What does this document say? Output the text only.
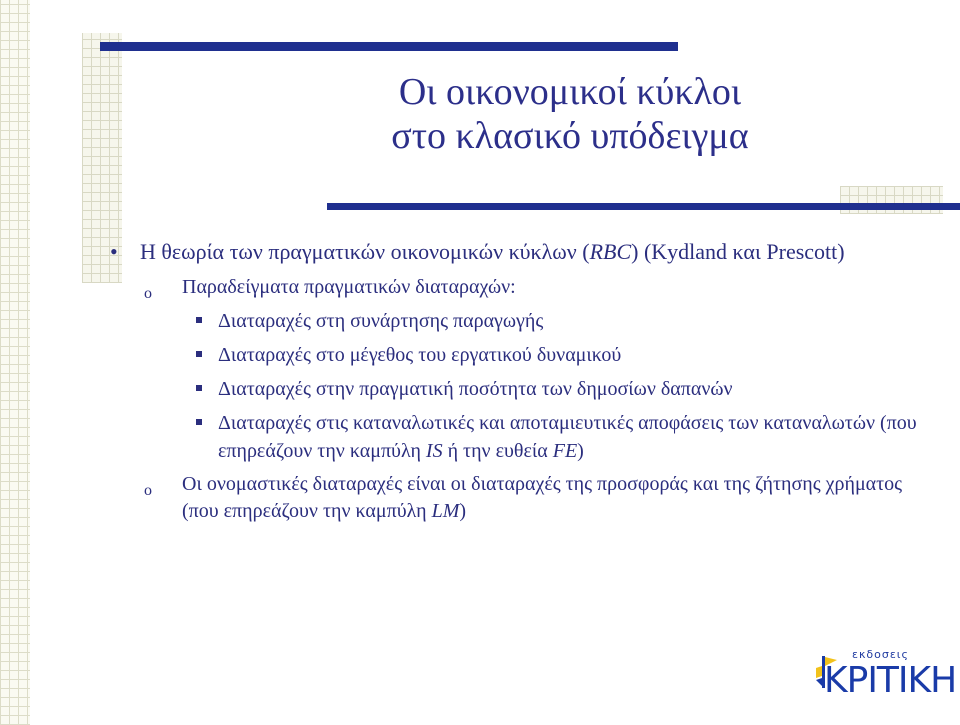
Οι οικονομικοί κύκλοι
στο κλασικό υπόδειγμα
• Η θεωρία των πραγματικών οικονομικών κύκλων (RBC) (Kydland και Prescott)
o Παραδείγματα πραγματικών διαταραχών:
Διαταραχές στη συνάρτησης παραγωγής
Διαταραχές στο μέγεθος του εργατικού δυναμικού
Διαταραχές στην πραγματική ποσότητα των δημοσίων δαπανών
Διαταραχές στις καταναλωτικές και αποταμιευτικές αποφάσεις των καταναλωτών (που επηρεάζουν την καμπύλη IS ή την ευθεία FE)
o Οι ονομαστικές διαταραχές είναι οι διαταραχές της προσφοράς και της ζήτησης χρήματος (που επηρεάζουν την καμπύλη LM)
εκδοσεις
ΚΡΙΤΙΚΗ
